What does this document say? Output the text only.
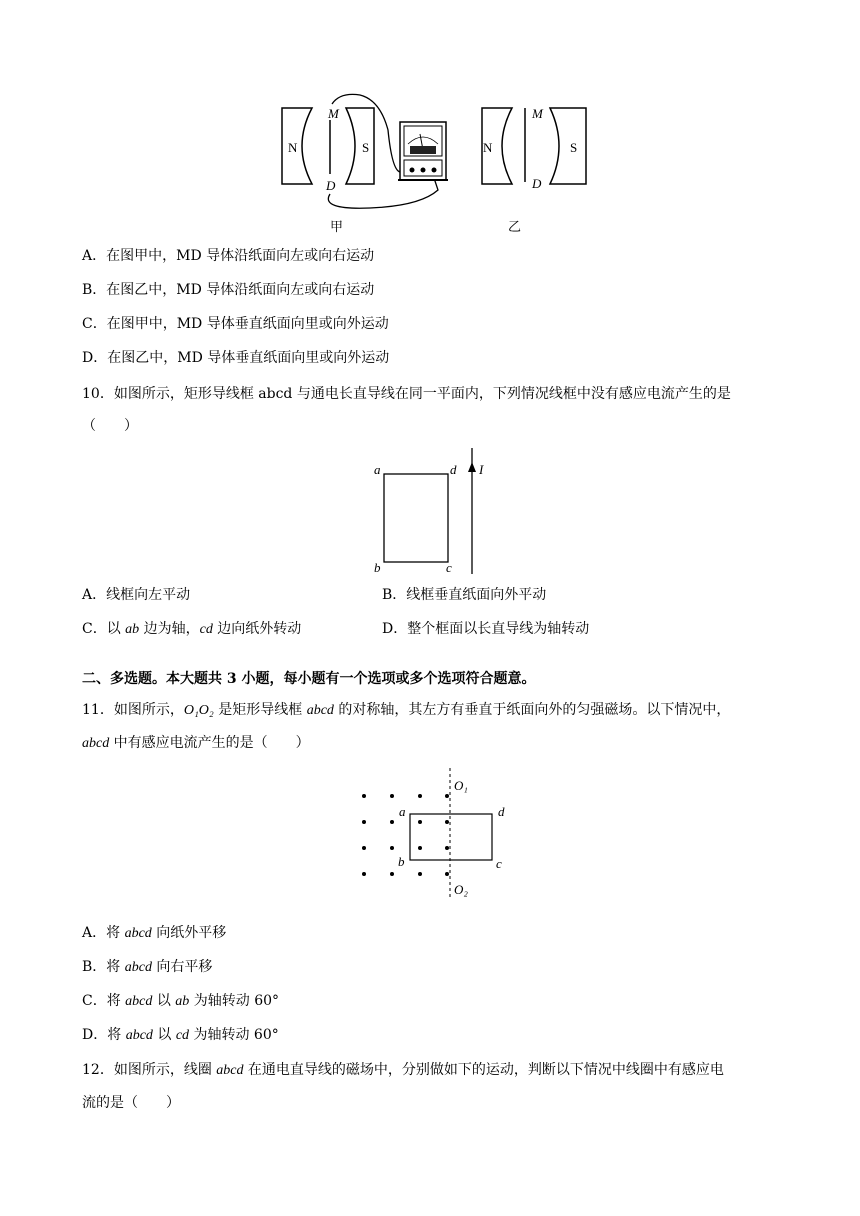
N	S
M
D
N
M
D
S
甲	乙
A．在图甲中，MD 导体沿纸面向左或向右运动
B．在图乙中，MD 导体沿纸面向左或向右运动
C．在图甲中，MD 导体垂直纸面向里或向外运动
D．在图乙中，MD 导体垂直纸面向里或向外运动
10．如图所示，矩形导线框 abcd 与通电长直导线在同一平面内，下列情况线框中没有感应电流产生的是
（　　）
a	d
b	c
I
A．线框向左平动	B．线框垂直纸面向外平动
C．以 ab 边为轴，cd 边向纸外转动	D．整个框面以长直导线为轴转动
二、多选题。本大题共 3 小题，每小题有一个选项或多个选项符合题意。
11．如图所示，O₁O₂ 是矩形导线框 abcd 的对称轴，其左方有垂直于纸面向外的匀强磁场。以下情况中，
abcd 中有感应电流产生的是（　　）
O₁
O₂
a	d
b	c
A．将 abcd 向纸外平移
B．将 abcd 向右平移
C．将 abcd 以 ab 为轴转动 60°
D．将 abcd 以 cd 为轴转动 60°
12．如图所示，线圈 abcd 在通电直导线的磁场中，分别做如下的运动，判断以下情况中线圈中有感应电
流的是（　　）
